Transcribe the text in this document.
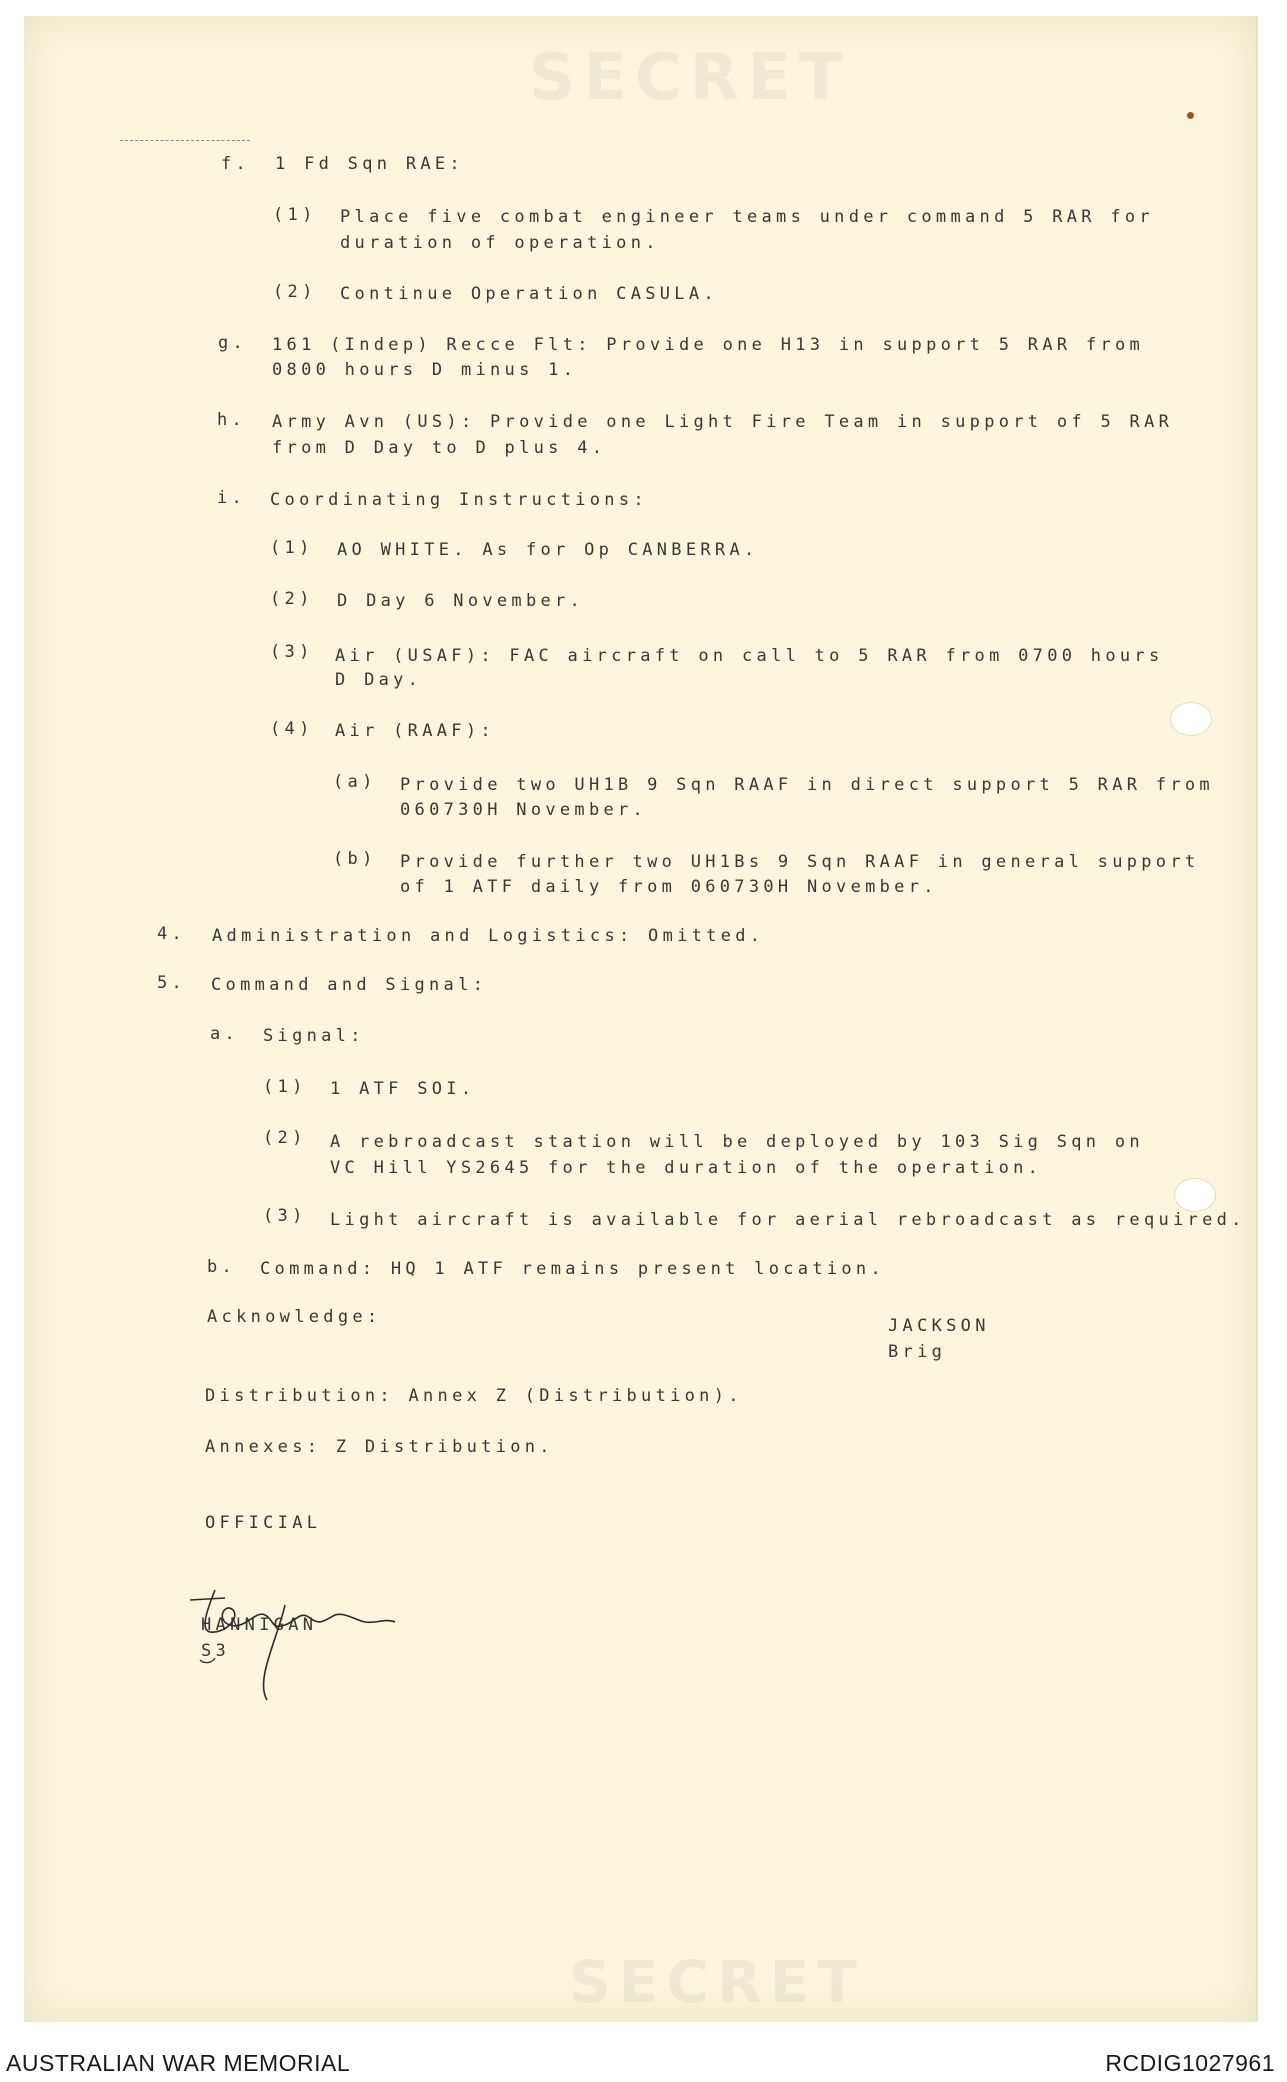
SECRET
SECRET
f. 1 Fd Sqn RAE:
(1) Place five combat engineer teams under command 5 RAR for
duration of operation.
(2) Continue Operation CASULA.
g. 161 (Indep) Recce Flt: Provide one H13 in support 5 RAR from
0800 hours D minus 1.
h. Army Avn (US): Provide one Light Fire Team in support of 5 RAR
from D Day to D plus 4.
i. Coordinating Instructions:
(1) AO WHITE. As for Op CANBERRA.
(2) D Day 6 November.
(3) Air (USAF): FAC aircraft on call to 5 RAR from 0700 hours
D Day.
(4) Air (RAAF):
(a) Provide two UH1B 9 Sqn RAAF in direct support 5 RAR from
060730H November.
(b) Provide further two UH1Bs 9 Sqn RAAF in general support
of 1 ATF daily from 060730H November.
4. Administration and Logistics: Omitted.
5. Command and Signal:
a. Signal:
(1) 1 ATF SOI.
(2) A rebroadcast station will be deployed by 103 Sig Sqn on
VC Hill YS2645 for the duration of the operation.
(3) Light aircraft is available for aerial rebroadcast as required.
b. Command: HQ 1 ATF remains present location.
Acknowledge:	JACKSON
Brig
Distribution: Annex Z (Distribution).
Annexes: Z Distribution.
OFFICIAL
HANNIGAN
S3
AUSTRALIAN WAR MEMORIAL	RCDIG1027961
